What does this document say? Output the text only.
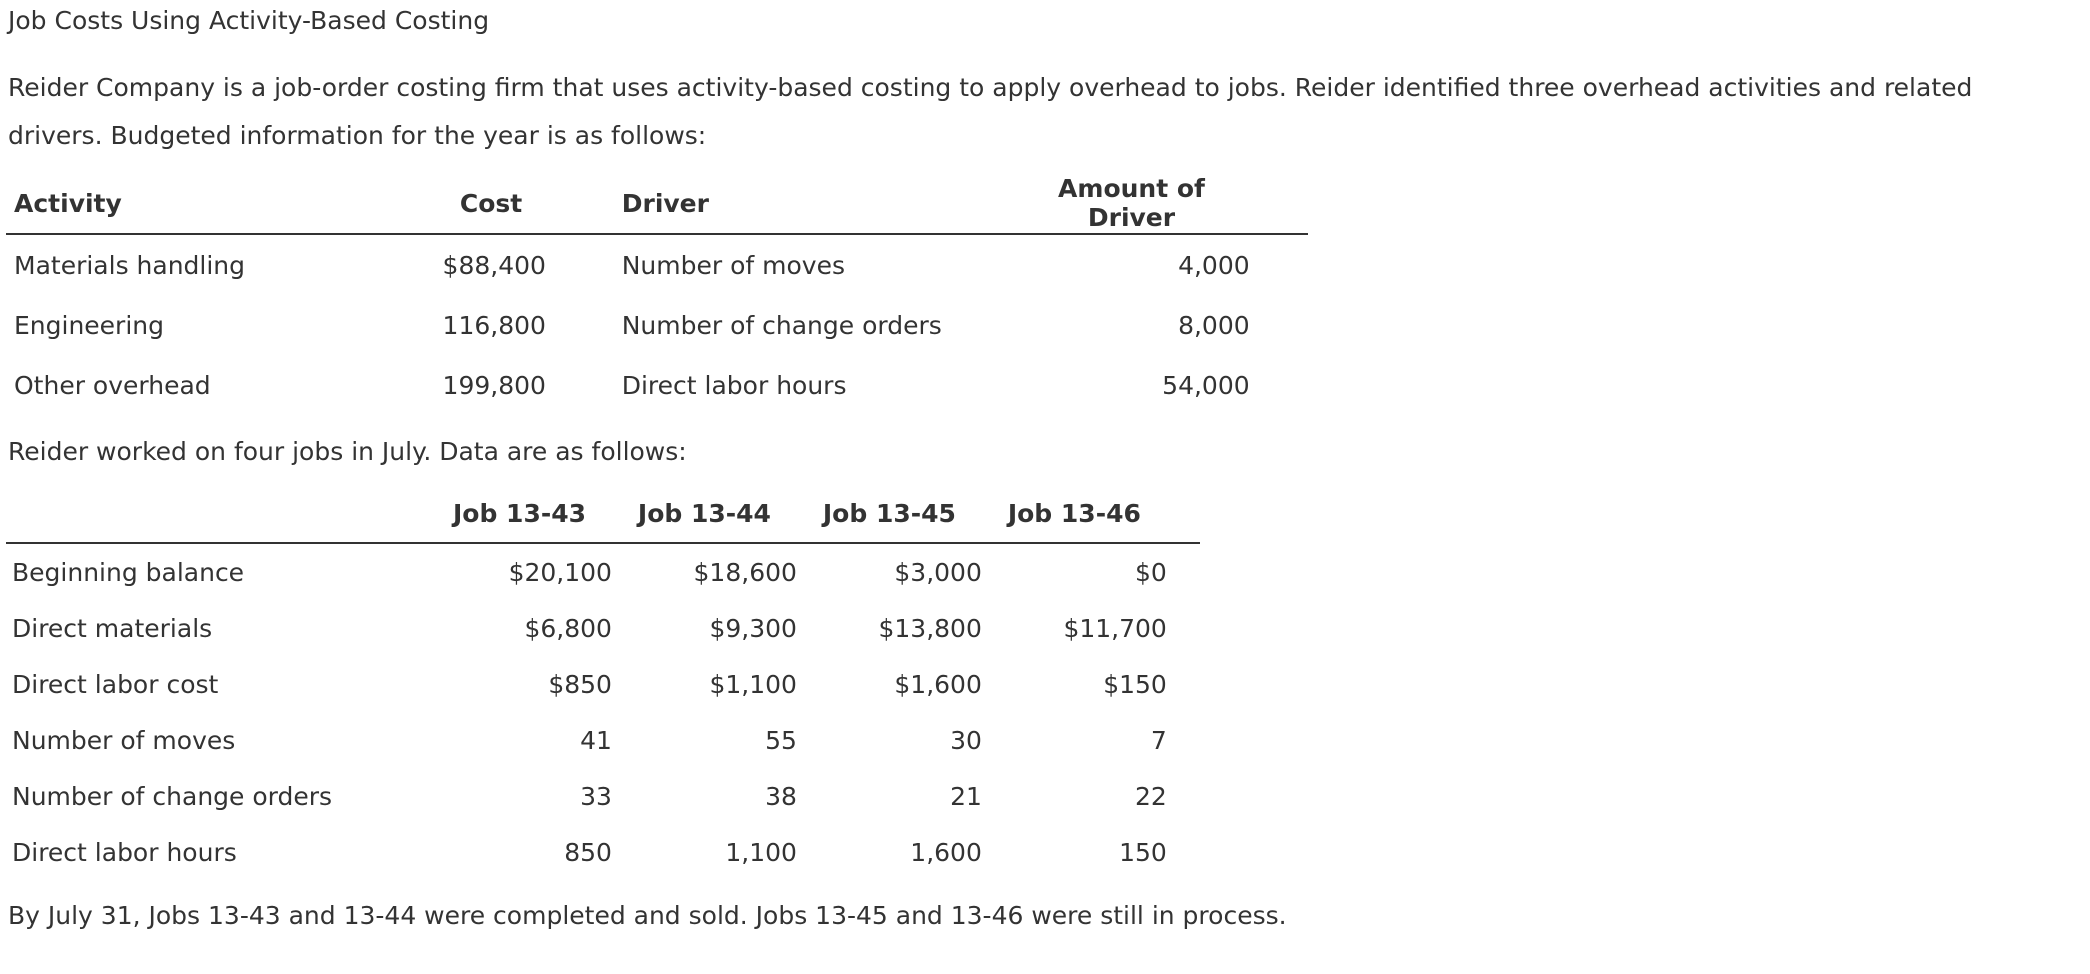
Job Costs Using Activity-Based Costing
Reider Company is a job-order costing firm that uses activity-based costing to apply overhead to jobs. Reider identified three overhead activities and related drivers. Budgeted information for the year is as follows:
Activity	Cost		Driver	Amount of Driver	
Materials handling	$88,400		Number of moves	4,000	
Engineering	116,800		Number of change orders	8,000	
Other overhead	199,800		Direct labor hours	54,000	
Reider worked on four jobs in July. Data are as follows:
	Job 13-43	Job 13-44	Job 13-45	Job 13-46	
Beginning balance	$20,100	$18,600	$3,000	$0	
Direct materials	$6,800	$9,300	$13,800	$11,700	
Direct labor cost	$850	$1,100	$1,600	$150	
Number of moves	41	55	30	7	
Number of change orders	33	38	21	22	
Direct labor hours	850	1,100	1,600	150	
By July 31, Jobs 13-43 and 13-44 were completed and sold. Jobs 13-45 and 13-46 were still in process.
